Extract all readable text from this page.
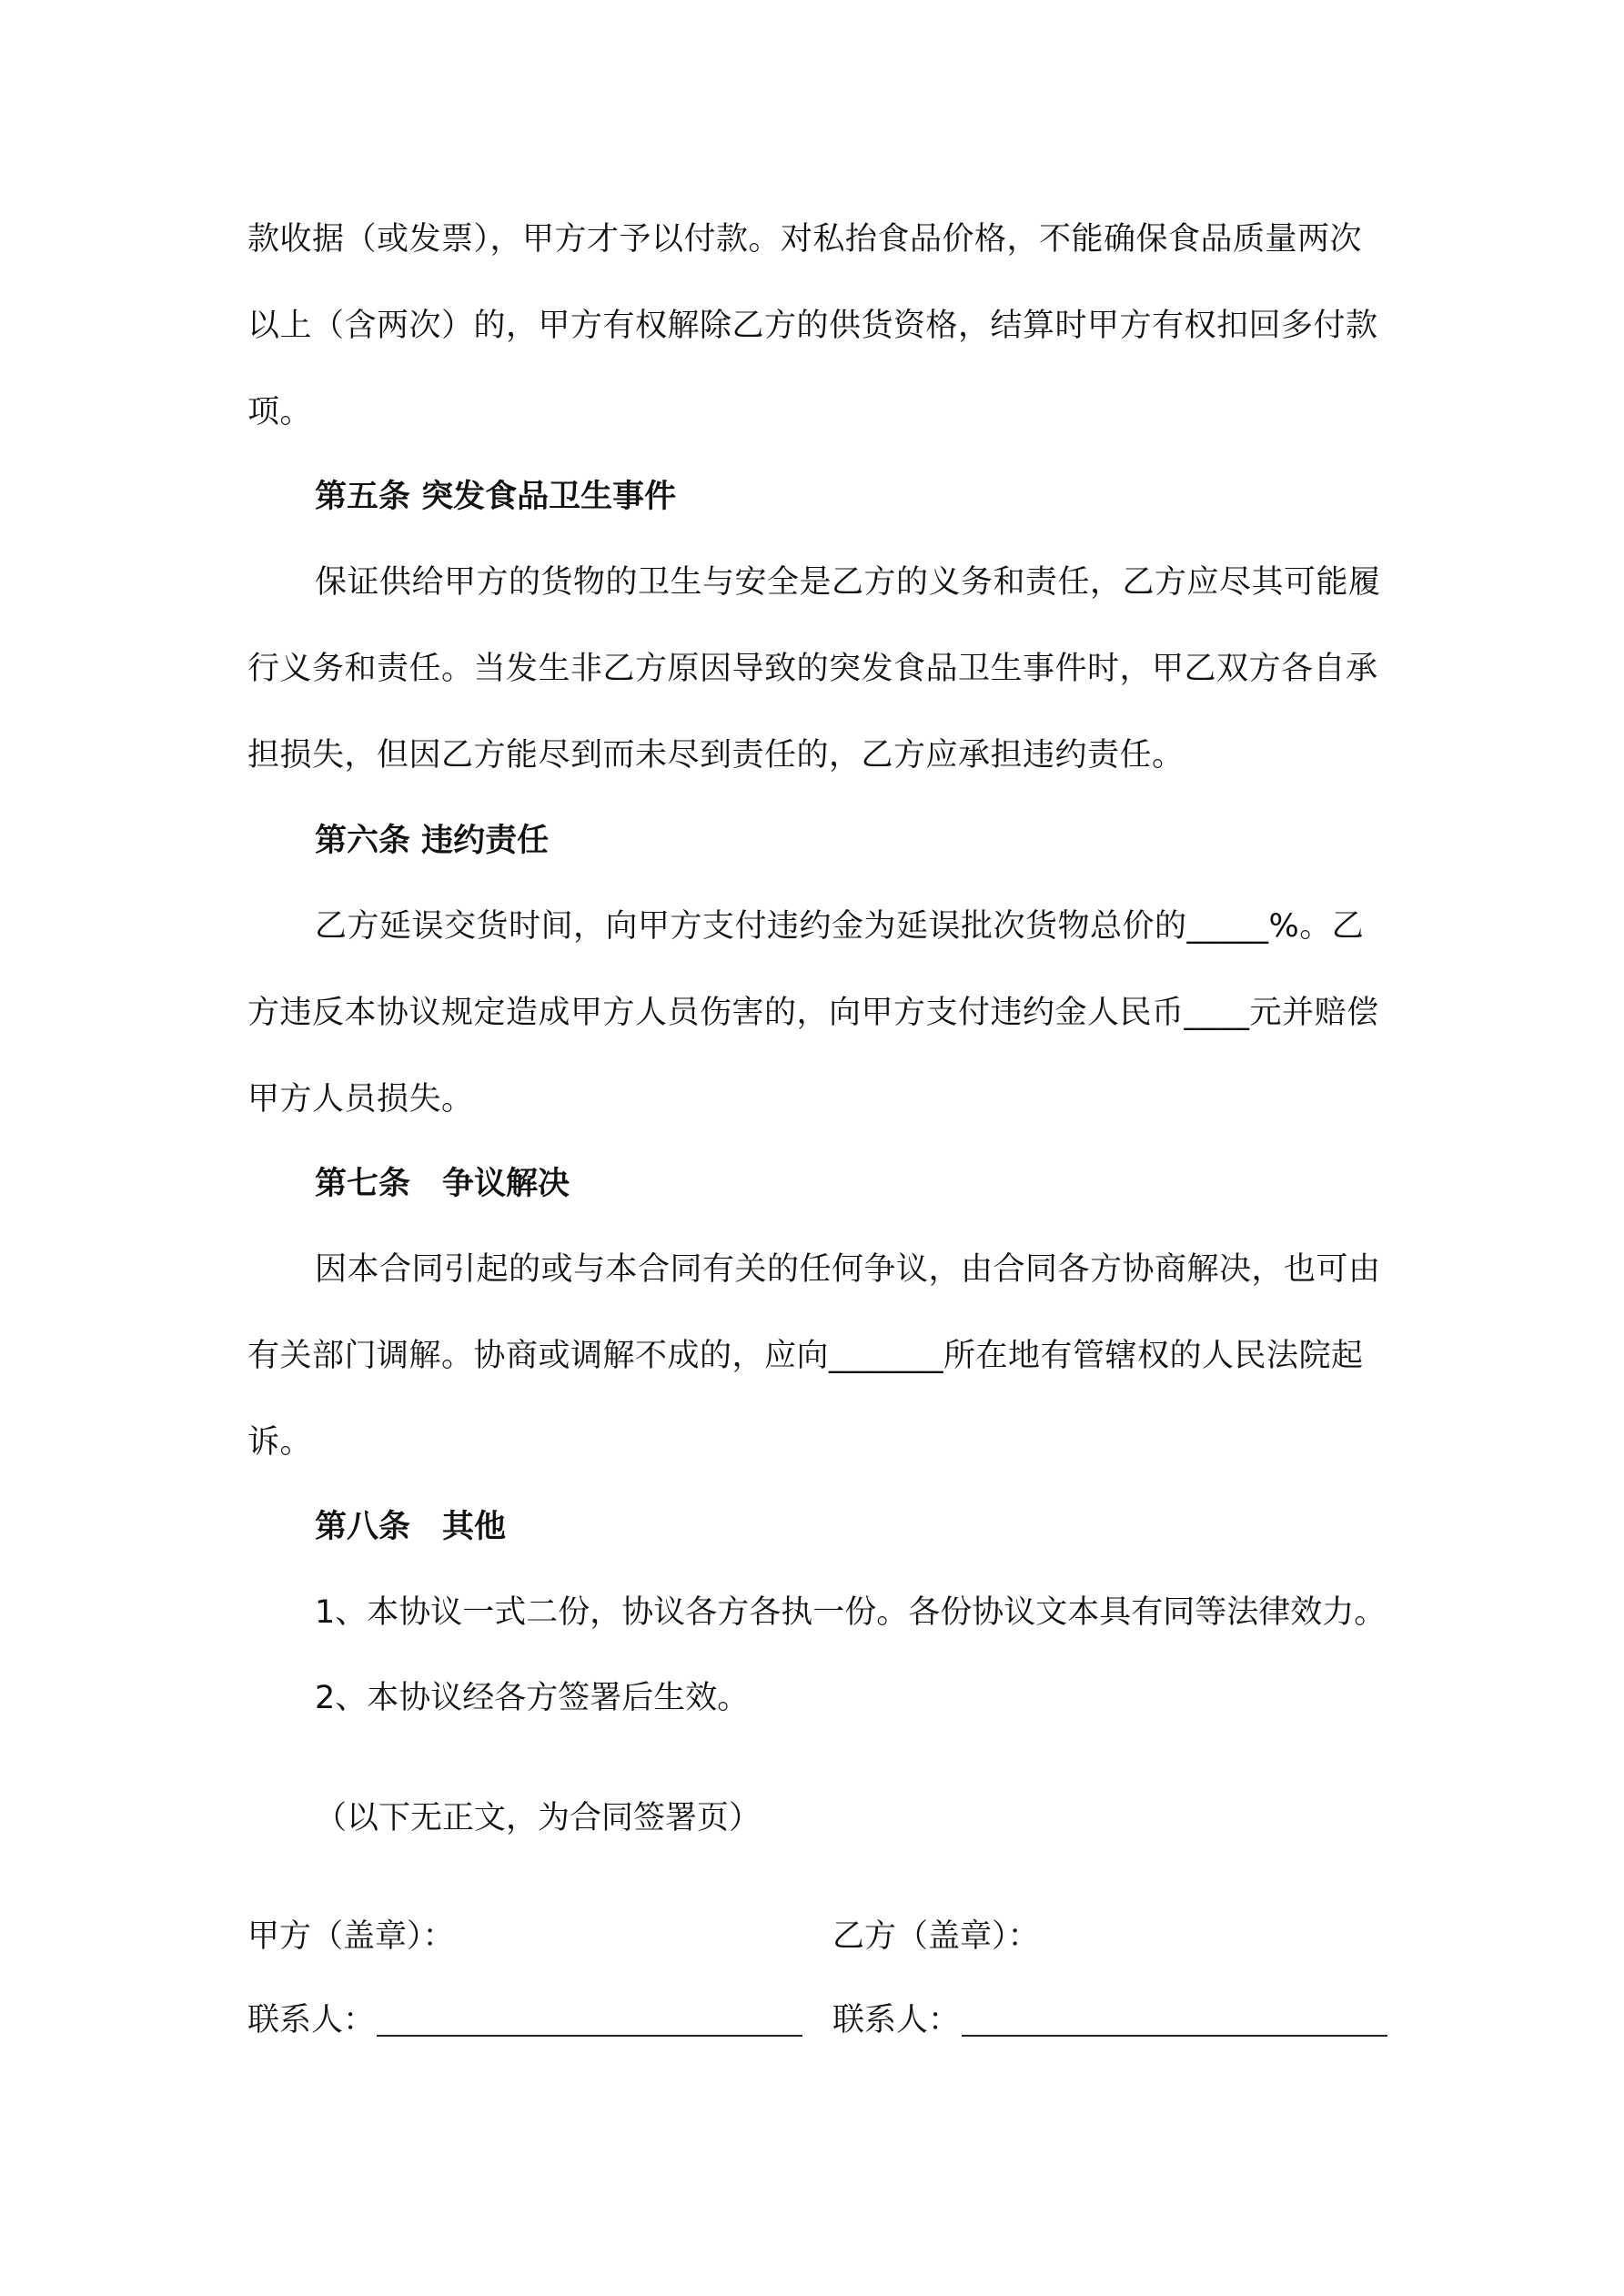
款收据（或发票），甲方才予以付款。对私抬食品价格，不能确保食品质量两次以上（含两次）的，甲方有权解除乙方的供货资格，结算时甲方有权扣回多付款项。

第五条 突发食品卫生事件

保证供给甲方的货物的卫生与安全是乙方的义务和责任，乙方应尽其可能履行义务和责任。当发生非乙方原因导致的突发食品卫生事件时，甲乙双方各自承担损失，但因乙方能尽到而未尽到责任的，乙方应承担违约责任。

第六条 违约责任

乙方延误交货时间，向甲方支付违约金为延误批次货物总价的_____%。乙方违反本协议规定造成甲方人员伤害的，向甲方支付违约金人民币____元并赔偿甲方人员损失。

第七条　争议解决

因本合同引起的或与本合同有关的任何争议，由合同各方协商解决，也可由有关部门调解。协商或调解不成的，应向_______所在地有管辖权的人民法院起诉。

第八条　其他

1、本协议一式二份，协议各方各执一份。各份协议文本具有同等法律效力。

2、本协议经各方签署后生效。

（以下无正文，为合同签署页）

甲方（盖章）：	乙方（盖章）：

联系人：	联系人：
